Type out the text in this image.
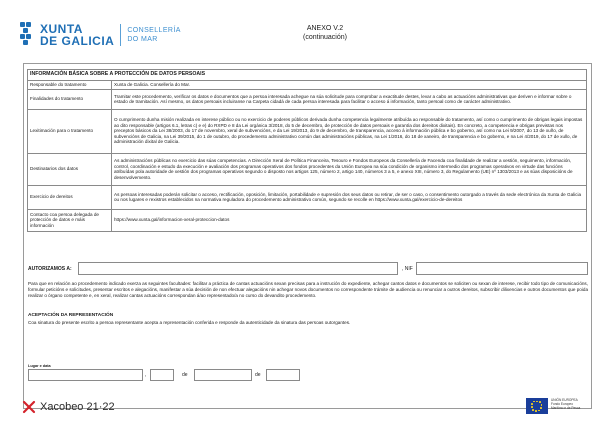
XUNTA
DE GALICIA
CONSELLERÍA
DO MAR
ANEXO V.2
(continuación)
INFORMACIÓN BÁSICA SOBRE A PROTECCIÓN DE DATOS PERSOAIS	
Responsable do tratamento	Xunta de Galicia. Consellería do Mar.
Finalidades do tratamento	Tramitar este procedemento, verificar os datos e documentos que a persoa interesada achegue na súa solicitude para comprobar a exactitude destes, levar a cabo as actuacións administrativas que deriven e informar sobre o estado de tramitación. Así mesmo, os datos persoais incluiranse na Carpeta cidadá de cada persoa interesada para facilitar o acceso á información, tanto persoal como de carácter administrativo.
Lexitimación para o tratamento	O cumprimento dunha misión realizada en interese público ou no exercicio de poderes públicos derivada dunha competencia legalmente atribuída ao responsable do tratamento, así como o cumprimento de obrigas legais impostas ao dito responsable (artigos 6.1, letras c) e e) do RXPD e 8 da Lei orgánica 3/2018, do 5 de decembro, de protección de datos persoais e garantía dos dereitos dixitais). En concreto, a competencia e obrigas previstas nos preceptos básicos da Lei 38/2003, do 17 de novembro, xeral de subvencións, e da Lei 19/2013, do 9 de decembro, de transparencia, acceso á información pública e bo goberno, así como na Lei 9/2007, do 13 de xuño, de subvencións de Galicia, na Lei 39/2015, do 1 de outubro, do procedemento administrativo común das administracións públicas, na Lei 1/2016, do 18 de xaneiro, de transparencia e bo goberno, e na Lei 4/2019, do 17 de xullo, de administración dixital de Galicia.
Destinatarios dos datos	As administracións públicas no exercicio das súas competencias. A Dirección Xeral de Política Financeira, Tesouro e Fondos Europeos da Consellería de Facenda coa finalidade de realizar a xestión, seguimento, información, control, coordinación e estudo da execución e avaliación dos programas operativos dos fondos procedentes da Unión Europea na súa condición de organismo intermedio dos programas operativos en virtude das funcións atribuídas pola autoridade de xestión dos programas operativos segundo o disposto nos artigos 125, número 2, artigo 140, números 3 a 5, e anexo XIII, número 3, do Regulamento (UE) nº 1303/2013 e as súas disposicións de desenvolvemento.
Exercicio de dereitos	As persoas interesadas poderán solicitar o acceso, rectificación, oposición, limitación, portabilidade e supresión dos seus datos ou retirar, de ser o caso, o consentimento outorgado a través da sede electrónica da Xunta de Galicia ou nos lugares e rexistros establecidos na normativa reguladora do procedemento administrativo común, segundo se recolle en https://www.xunta.gal/exercicio-de-dereitos
Contacto coa persoa delegada de protección de datos e máis información	https://www.xunta.gal/informacion-xeral-proteccion-datos
AUTORIZAMOS A:	, NIF
Para que en relación ao procedemento indicado exerza as seguintes facultades: facilitar a práctica de cantas actuacións sexan precisas para a instrución do expediente, achegar cantos datos e documentos se soliciten ou sexan de interese, recibir todo tipo de comunicacións, formular peticións e solicitudes, presentar escritos e alegacións, manifestar a súa decisión de non efectuar alegacións nin achegar novos documentos no correspondente trámite de audiencia ou renunciar a outros dereitos, subscribir dilixencias e outros documentos que poida realizar o órgano competente e, en xeral, realizar cantas actuacións correspondan á/ao representado/a no curso do devandito procedemento.
ACEPTACIÓN DA REPRESENTACIÓN
Coa sinatura do presente escrito a persoa representante acepta a representación conferida e responde da autenticidade da sinatura das persoas outorgantes.
Lugar e data
,	de	de
Xacobeo 21·22
UNIÓN EUROPEA
Fondo Europeo
Marítimo e de Pesca
